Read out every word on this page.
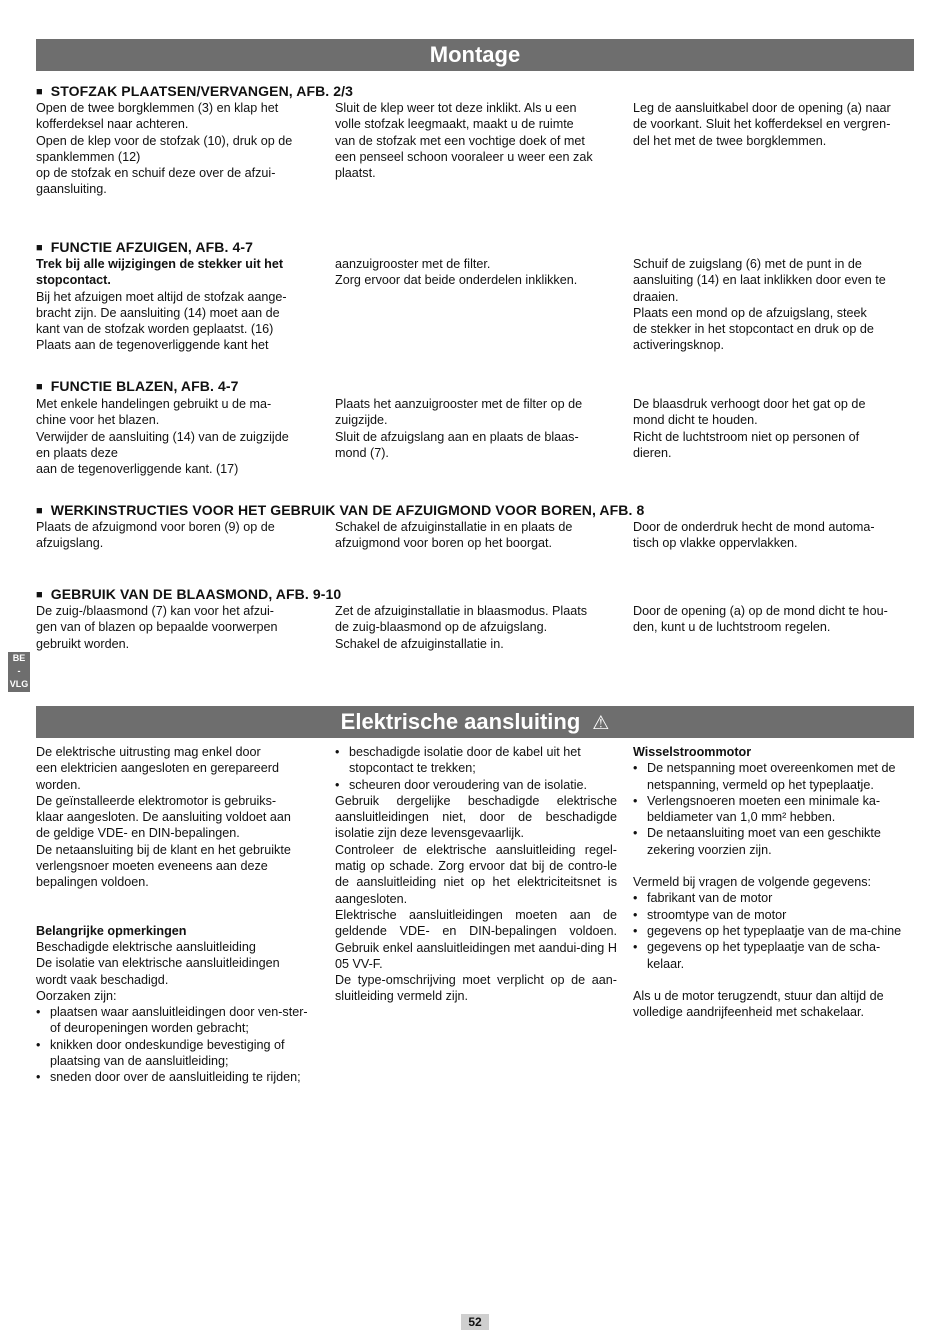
Montage
■ STOFZAK PLAATSEN/VERVANGEN, AFB. 2/3

Open de twee borgklemmen (3) en klap het

kofferdeksel naar achteren.

Open de klep voor de stofzak (10), druk op de

spanklemmen (12)

op de stofzak en schuif deze over de afzui-

gaansluiting.

Sluit de klep weer tot deze inklikt. Als u een

volle stofzak leegmaakt, maakt u de ruimte

van de stofzak met een vochtige doek of met

een penseel schoon vooraleer u weer een zak

plaatst.

Leg de aansluitkabel door de opening (a) naar

de voorkant. Sluit het kofferdeksel en vergren-

del het met de twee borgklemmen.

■ FUNCTIE AFZUIGEN, AFB. 4-7

Trek bij alle wijzigingen de stekker uit het

stopcontact.

Bij het afzuigen moet altijd de stofzak aange-

bracht zijn. De aansluiting (14) moet aan de

kant van de stofzak worden geplaatst. (16)

Plaats aan de tegenoverliggende kant het

aanzuigrooster met de filter.

Zorg ervoor dat beide onderdelen inklikken.

Schuif de zuigslang (6) met de punt in de

aansluiting (14) en laat inklikken door even te

draaien.

Plaats een mond op de afzuigslang, steek

de stekker in het stopcontact en druk op de

activeringsknop.

■ FUNCTIE BLAZEN, AFB. 4-7

Met enkele handelingen gebruikt u de ma-

chine voor het blazen.

Verwijder de aansluiting (14) van de zuigzijde

en plaats deze

aan de tegenoverliggende kant. (17)

Plaats het aanzuigrooster met de filter op de

zuigzijde.

Sluit de afzuigslang aan en plaats de blaas-

mond (7).

De blaasdruk verhoogt door het gat op de

mond dicht te houden.

Richt de luchtstroom niet op personen of

dieren.

■ WERKINSTRUCTIES VOOR HET GEBRUIK VAN DE AFZUIGMOND VOOR BOREN, AFB. 8

Plaats de afzuigmond voor boren (9) op de

afzuigslang.

Schakel de afzuiginstallatie in en plaats de

afzuigmond voor boren op het boorgat.

Door de onderdruk hecht de mond automa-

tisch op vlakke oppervlakken.

■ GEBRUIK VAN DE BLAASMOND, AFB. 9-10

De zuig-/blaasmond (7) kan voor het afzui-

gen van of blazen op bepaalde voorwerpen

gebruikt worden.

Zet de afzuiginstallatie in blaasmodus. Plaats

de zuig-blaasmond op de afzuigslang.

Schakel de afzuiginstallatie in.

Door de opening (a) op de mond dicht te hou-

den, kunt u de luchtstroom regelen.

BE
-
VLG
Elektrische aansluiting ⚠

De elektrische uitrusting mag enkel door

een elektricien aangesloten en gerepareerd

worden.

De geïnstalleerde elektromotor is gebruiks-

klaar aangesloten. De aansluiting voldoet aan

de geldige VDE- en DIN-bepalingen.

De netaansluiting bij de klant en het gebruikte

verlengsnoer moeten eveneens aan deze

bepalingen voldoen.

Belangrijke opmerkingen

Beschadigde elektrische aansluitleiding

De isolatie van elektrische aansluitleidingen

wordt vaak beschadigd.

Oorzaken zijn:

• plaatsen waar aansluitleidingen door ven-ster- of deuropeningen worden gebracht;

• knikken door ondeskundige bevestiging of plaatsing van de aansluitleiding;

• sneden door over de aansluitleiding te rijden;

• beschadigde isolatie door de kabel uit het stopcontact te trekken;

• scheuren door veroudering van de isolatie.

Gebruik dergelijke beschadigde elektrische aansluitleidingen niet, door de beschadigde isolatie zijn deze levensgevaarlijk.

Controleer de elektrische aansluitleiding regel-matig op schade. Zorg ervoor dat bij de contro-le de aansluitleiding niet op het elektriciteitsnet is aangesloten.

Elektrische aansluitleidingen moeten aan de geldende VDE- en DIN-bepalingen voldoen. Gebruik enkel aansluitleidingen met aandui-ding H 05 VV-F.

De type-omschrijving moet verplicht op de aan-sluitleiding vermeld zijn.

Wisselstroommotor

• De netspanning moet overeenkomen met de netspanning, vermeld op het typeplaatje.

• Verlengsnoeren moeten een minimale ka-beldiameter van 1,0 mm² hebben.

• De netaansluiting moet van een geschikte zekering voorzien zijn.

Vermeld bij vragen de volgende gegevens:

• fabrikant van de motor

• stroomtype van de motor

• gegevens op het typeplaatje van de ma-chine

• gegevens op het typeplaatje van de scha-kelaar.

Als u de motor terugzendt, stuur dan altijd de

volledige aandrijfeenheid met schakelaar.

52
